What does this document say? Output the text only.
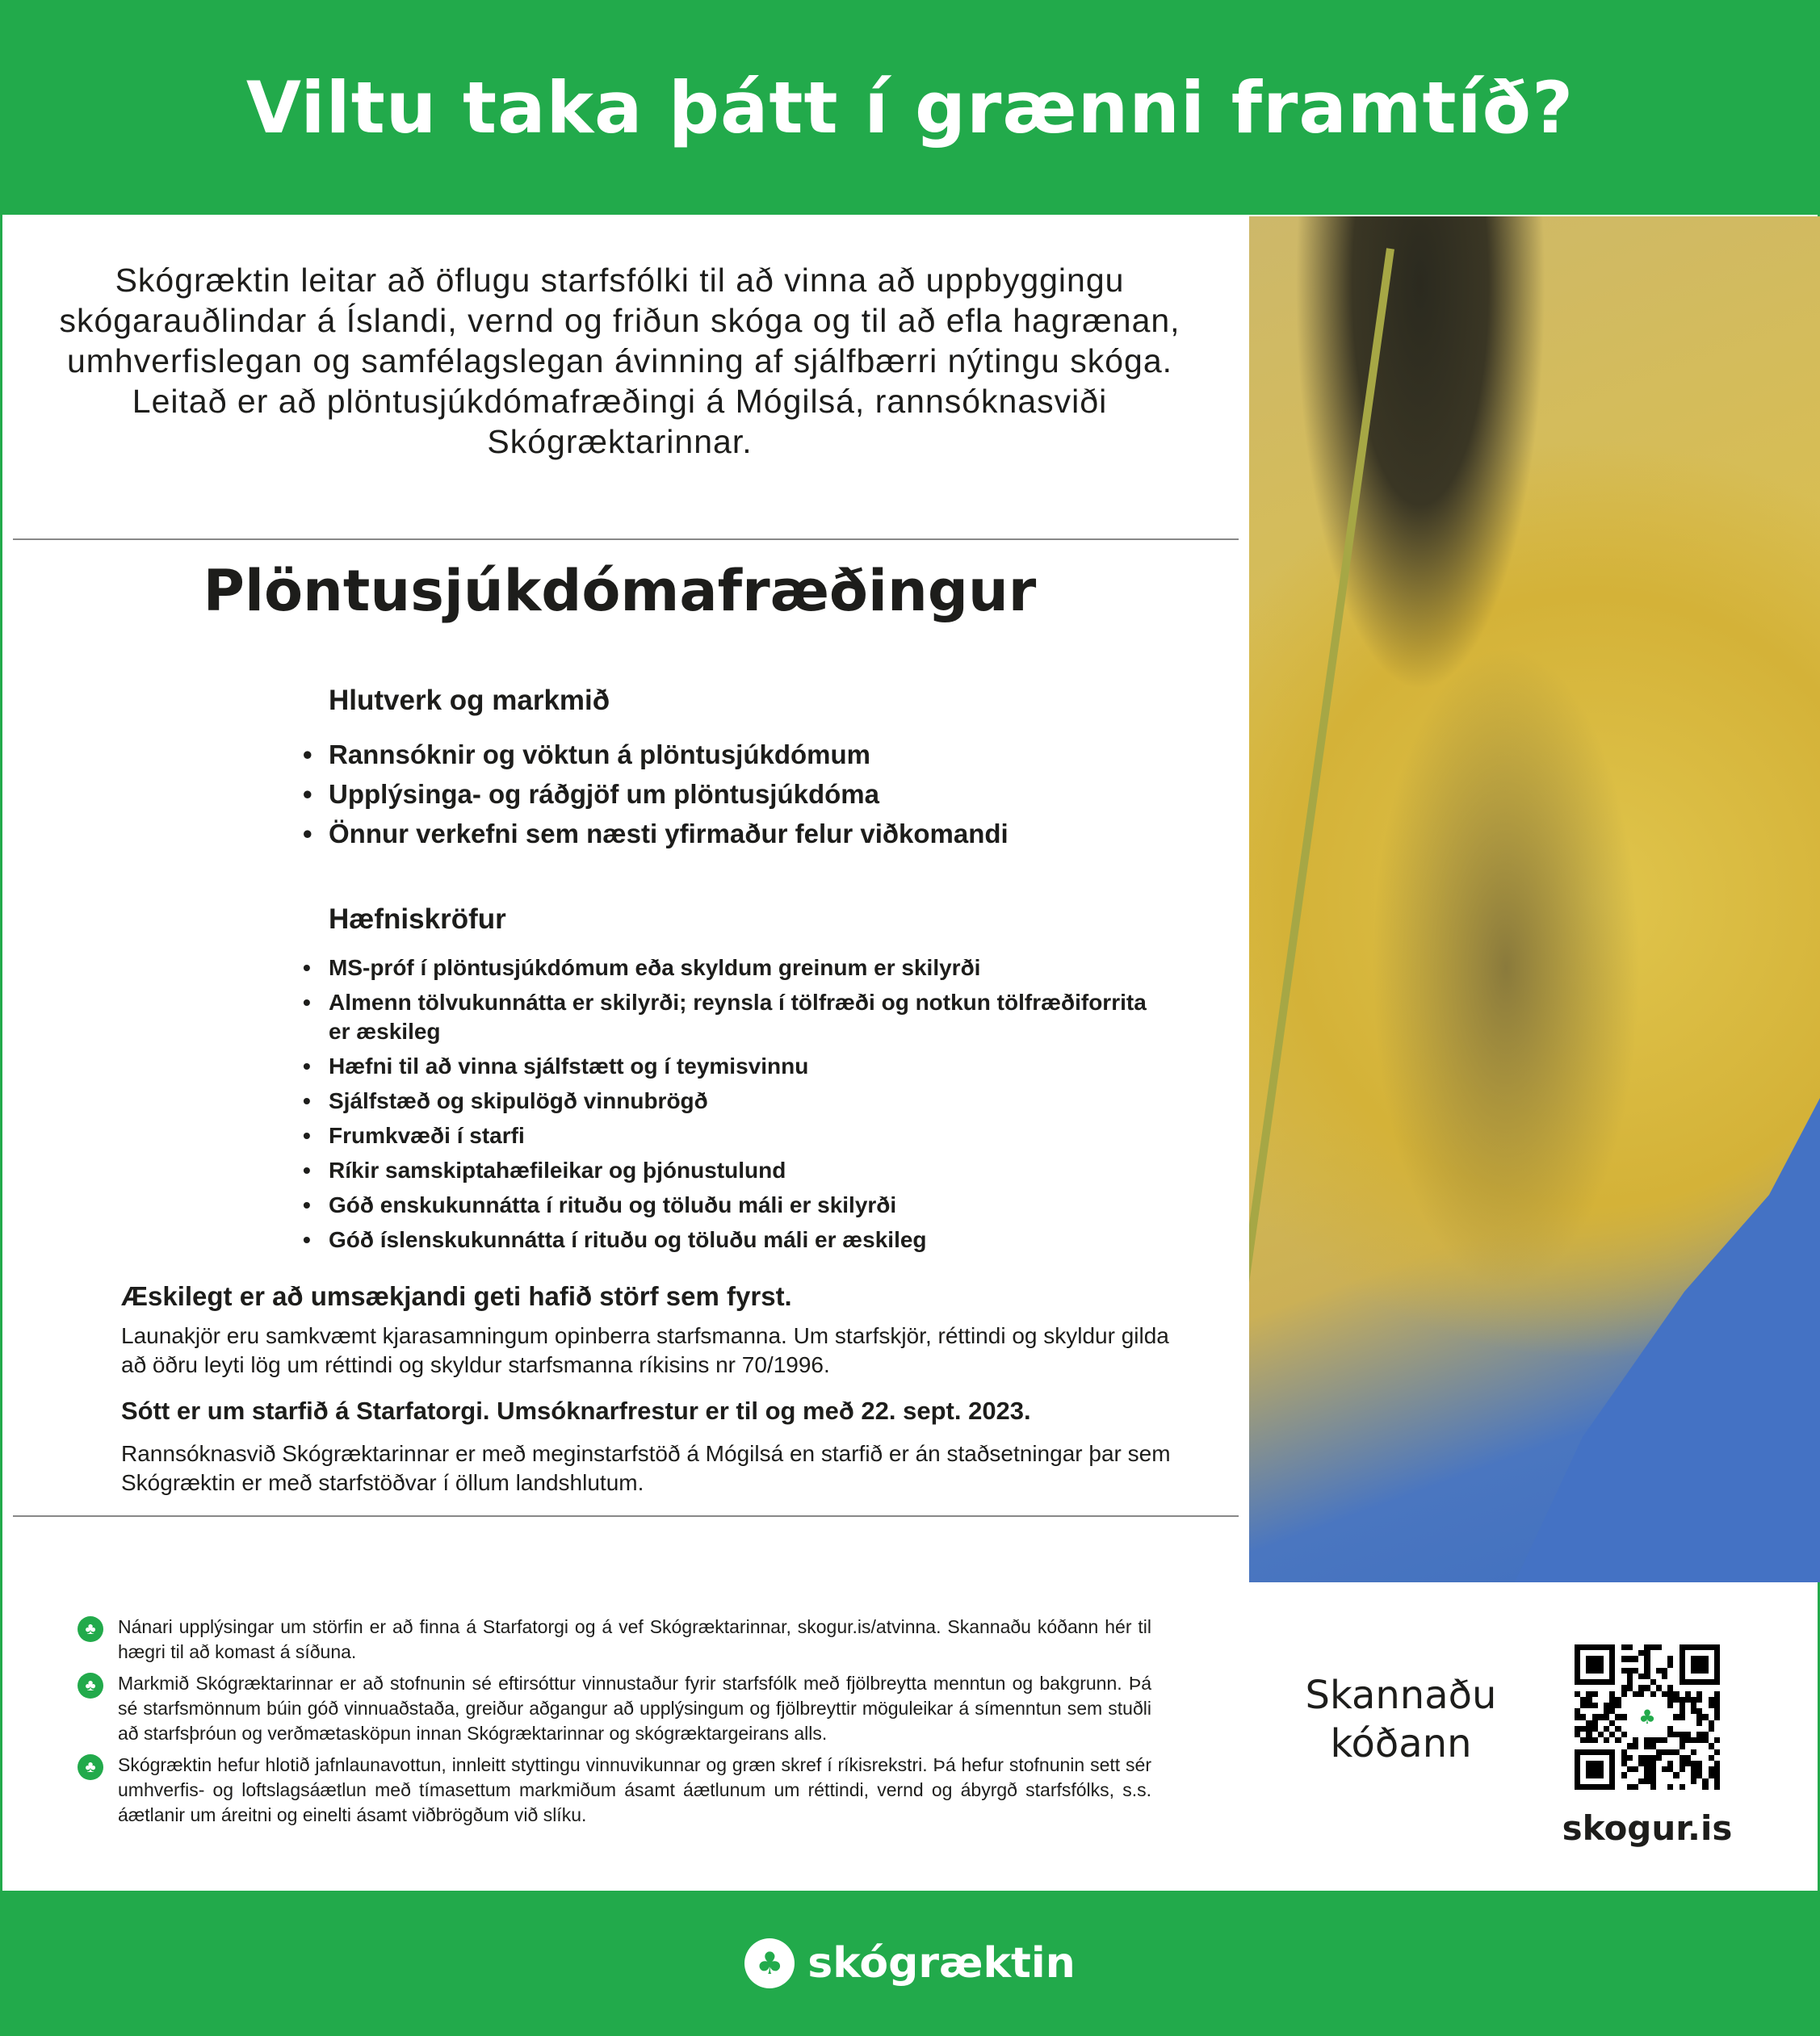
Viltu taka þátt í grænni framtíð?

Skógræktin leitar að öflugu starfsfólki til að vinna að uppbyggingu skógarauðlindar á Íslandi, vernd og friðun skóga og til að efla hagrænan, umhverfislegan og samfélagslegan ávinning af sjálfbærri nýtingu skóga. Leitað er að plöntusjúkdómafræðingi á Mógilsá, rannsóknasviði Skógræktarinnar.

Plöntusjúkdómafræðingur
Hlutverk og markmið
• Rannsóknir og vöktun á plöntusjúkdómum
• Upplýsinga- og ráðgjöf um plöntusjúkdóma
• Önnur verkefni sem næsti yfirmaður felur viðkomandi
Hæfniskröfur
• MS-próf í plöntusjúkdómum eða skyldum greinum er skilyrði
• Almenn tölvukunnátta er skilyrði; reynsla í tölfræði og notkun tölfræðiforrita er æskileg
• Hæfni til að vinna sjálfstætt og í teymisvinnu
• Sjálfstæð og skipulögð vinnubrögð
• Frumkvæði í starfi
• Ríkir samskiptahæfileikar og þjónustulund
• Góð enskukunnátta í rituðu og töluðu máli er skilyrði
• Góð íslenskukunnátta í rituðu og töluðu máli er æskileg

Æskilegt er að umsækjandi geti hafið störf sem fyrst.

Launakjör eru samkvæmt kjarasamningum opinberra starfsmanna. Um starfskjör, réttindi og skyldur gilda að öðru leyti lög um réttindi og skyldur starfsmanna ríkisins nr 70/1996.

Sótt er um starfið á Starfatorgi. Umsóknarfrestur er til og með 22. sept. 2023.

Rannsóknasvið Skógræktarinnar er með meginstarfstöð á Mógilsá en starfið er án staðsetningar þar sem Skógræktin er með starfstöðvar í öllum landshlutum.

♣	Nánari upplýsingar um störfin er að finna á Starfatorgi og á vef Skógræktarinnar, skogur.is/atvinna. Skannaðu kóðann hér til hægri til að komast á síðuna.
♣	Markmið Skógræktarinnar er að stofnunin sé eftirsóttur vinnustaður fyrir starfsfólk með fjölbreytta menntun og bakgrunn. Þá sé starfsmönnum búin góð vinnuaðstaða, greiður aðgangur að upplýsingum og fjölbreyttir möguleikar á símenntun sem stuðli að starfsþróun og verðmætasköpun innan Skógræktarinnar og skógræktargeirans alls.
♣	Skógræktin hefur hlotið jafnlaunavottun, innleitt styttingu vinnuvikunnar og græn skref í ríkisrekstri. Þá hefur stofnunin sett sér umhverfis- og loftslagsáætlun með tímasettum markmiðum ásamt áætlunum um réttindi, vernd og ábyrgð starfsfólks, s.s. áætlanir um áreitni og einelti ásamt viðbrögðum við slíku.
Skannaðu
kóðann
♣
skogur.is
♣ skógræktin
